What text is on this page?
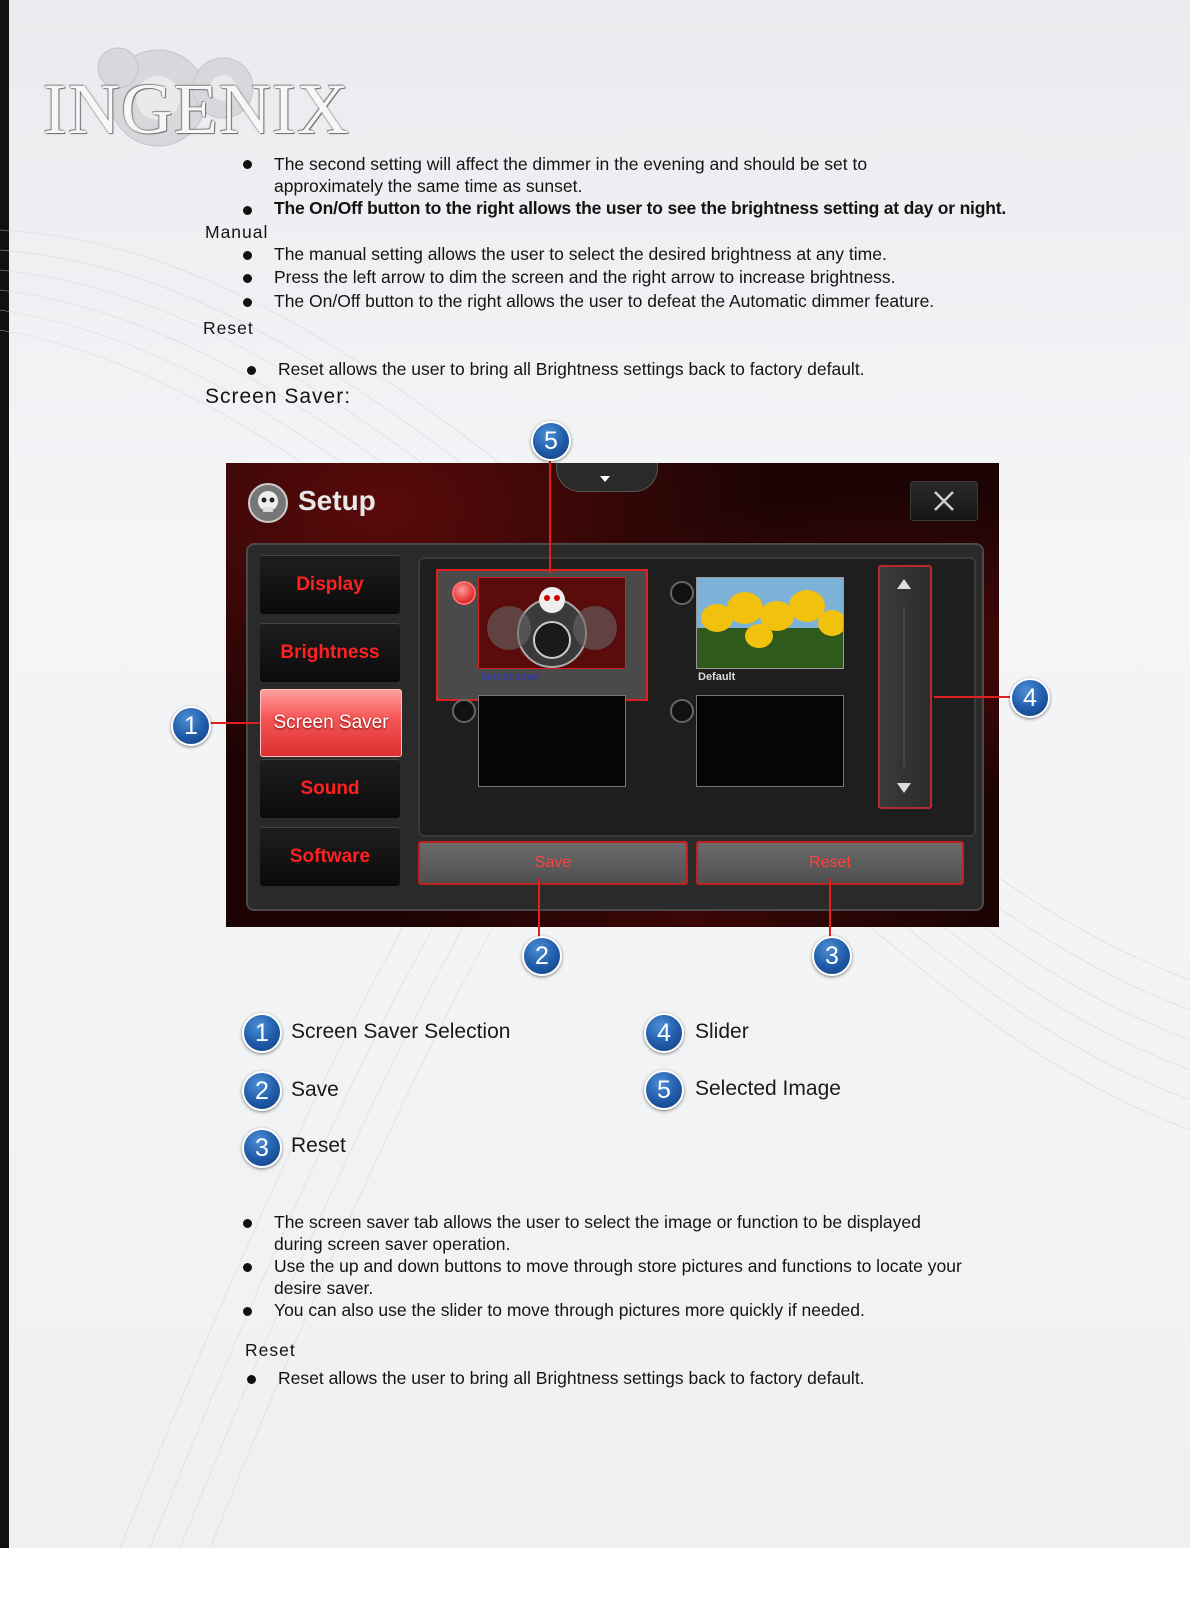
INGENIX
The second setting will affect the dimmer in the evening and should be set to
approximately the same time as sunset.
The On/Off button to the right allows the user to see the brightness setting at day or night.
Manual
The manual setting allows the user to select the desired brightness at any time.
Press the left arrow to dim the screen and the right arrow to increase brightness.
The On/Off button to the right allows the user to defeat the Automatic dimmer feature.
Reset
Reset allows the user to bring all Brightness settings back to factory default.
Screen Saver:
Setup
Display
Brightness
Screen Saver
Sound
Software
Screensaver	Default
Save	Reset
5
1
4
2	3
1	Screen Saver Selection
2	Save
3	Reset
4	Slider
5	Selected Image
The screen saver tab allows the user to select the image or function to be displayed
during screen saver operation.
Use the up and down buttons to move through store pictures and functions to locate your
desire saver.
You can also use the slider to move through pictures more quickly if needed.
Reset
Reset allows the user to bring all Brightness settings back to factory default.
